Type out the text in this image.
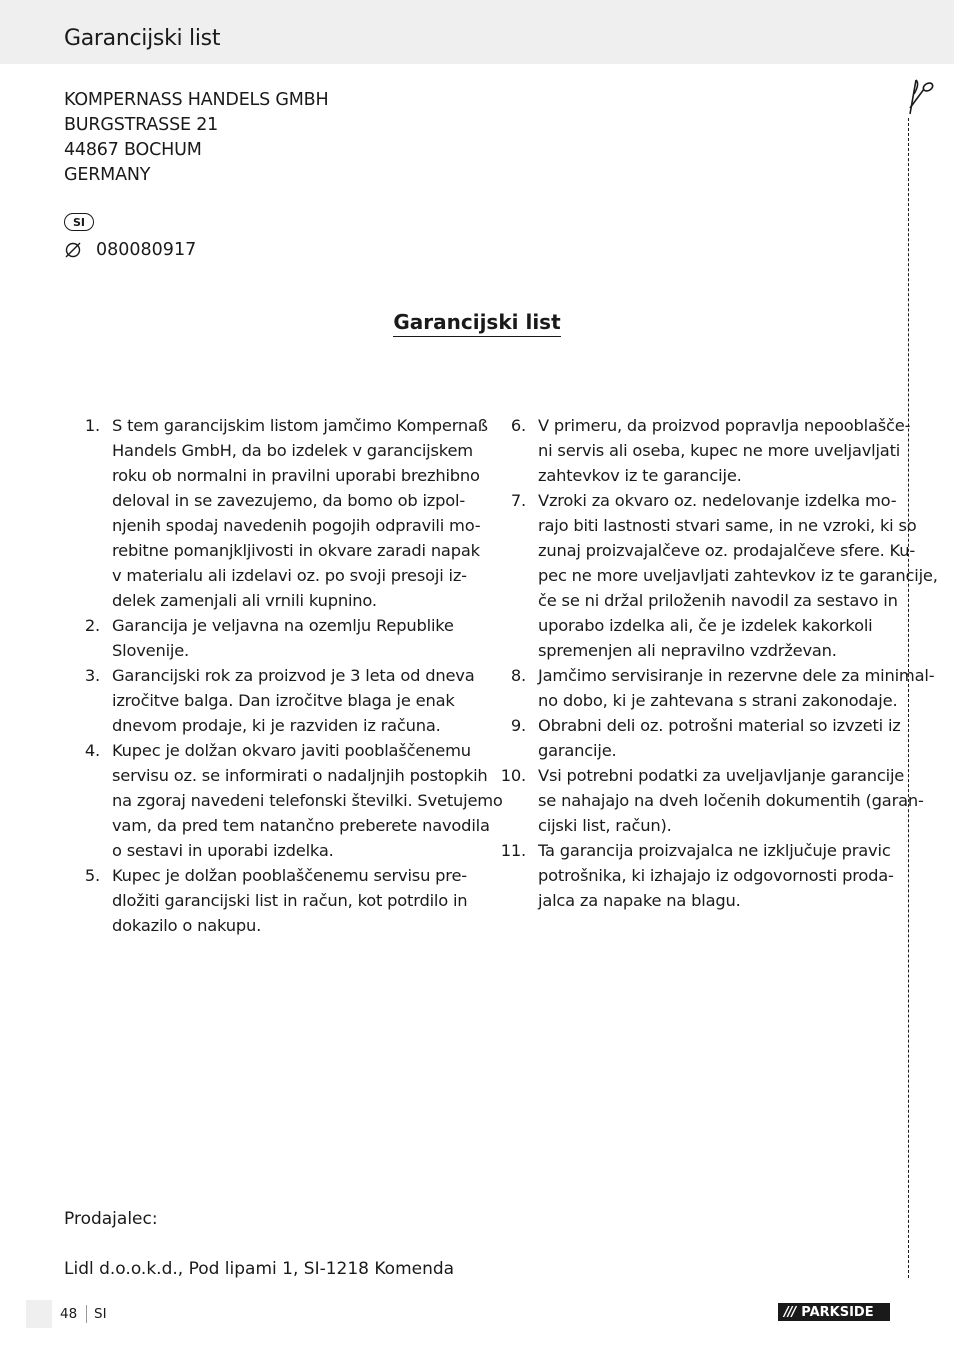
Garancijski list
KOMPERNASS HANDELS GMBH
BURGSTRASSE 21
44867 BOCHUM
GERMANY
SI
080080917
Garancijski list
1. S tem garancijskim listom jamčimo Kompernaß
Handels GmbH, da bo izdelek v garancijskem
roku ob normalni in pravilni uporabi brezhibno
deloval in se zavezujemo, da bomo ob izpol-
njenih spodaj navedenih pogojih odpravili mo-
rebitne pomanjkljivosti in okvare zaradi napak
v materialu ali izdelavi oz. po svoji presoji iz-
delek zamenjali ali vrnili kupnino.
2. Garancija je veljavna na ozemlju Republike
Slovenije.
3. Garancijski rok za proizvod je 3 leta od dneva
izročitve balga. Dan izročitve blaga je enak
dnevom prodaje, ki je razviden iz računa.
4. Kupec je dolžan okvaro javiti pooblaščenemu
servisu oz. se informirati o nadaljnjih postopkih
na zgoraj navedeni telefonski številki. Svetujemo
vam, da pred tem natančno preberete navodila
o sestavi in uporabi izdelka.
5. Kupec je dolžan pooblaščenemu servisu pre-
dložiti garancijski list in račun, kot potrdilo in
dokazilo o nakupu.
6. V primeru, da proizvod popravlja nepooblašče-
ni servis ali oseba, kupec ne more uveljavljati
zahtevkov iz te garancije.
7. Vzroki za okvaro oz. nedelovanje izdelka mo-
rajo biti lastnosti stvari same, in ne vzroki, ki so
zunaj proizvajalčeve oz. prodajalčeve sfere. Ku-
pec ne more uveljavljati zahtevkov iz te garancije,
če se ni držal priloženih navodil za sestavo in
uporabo izdelka ali, če je izdelek kakorkoli
spremenjen ali nepravilno vzdrževan.
8. Jamčimo servisiranje in rezervne dele za minimal-
no dobo, ki je zahtevana s strani zakonodaje.
9. Obrabni deli oz. potrošni material so izvzeti iz
garancije.
10. Vsi potrebni podatki za uveljavljanje garancije
se nahajajo na dveh ločenih dokumentih (garan-
cijski list, račun).
11. Ta garancija proizvajalca ne izključuje pravic
potrošnika, ki izhajajo iz odgovornosti proda-
jalca za napake na blagu.
Prodajalec:
Lidl d.o.o.k.d., Pod lipami 1, SI-1218 Komenda
48 SI	/// PARKSIDE
